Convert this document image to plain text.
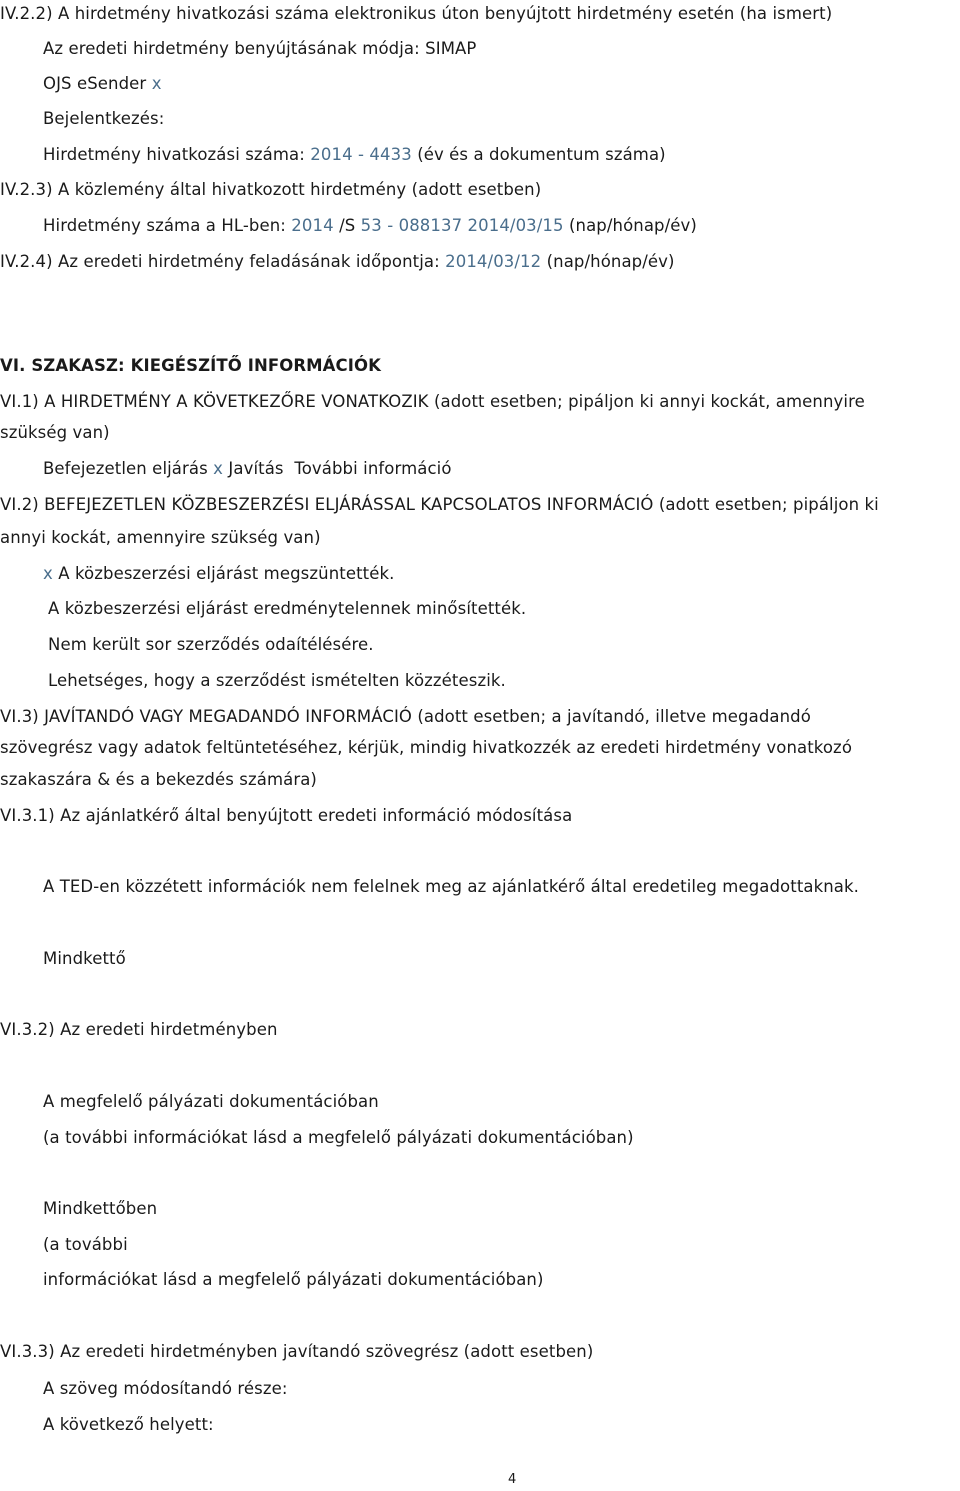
IV.2.2) A hirdetmény hivatkozási száma elektronikus úton benyújtott hirdetmény esetén (ha ismert)
Az eredeti hirdetmény benyújtásának módja: SIMAP
OJS eSender x
Bejelentkezés:
Hirdetmény hivatkozási száma: 2014 - 4433 (év és a dokumentum száma)
IV.2.3) A közlemény által hivatkozott hirdetmény (adott esetben)
Hirdetmény száma a HL-ben: 2014 /S 53 - 088137 2014/03/15 (nap/hónap/év)
IV.2.4) Az eredeti hirdetmény feladásának időpontja: 2014/03/12 (nap/hónap/év)
VI. SZAKASZ: KIEGÉSZÍTŐ INFORMÁCIÓK
VI.1) A HIRDETMÉNY A KÖVETKEZŐRE VONATKOZIK (adott esetben; pipáljon ki annyi kockát, amennyire
szükség van)
Befejezetlen eljárás x Javítás További információ
VI.2) BEFEJEZETLEN KÖZBESZERZÉSI ELJÁRÁSSAL KAPCSOLATOS INFORMÁCIÓ (adott esetben; pipáljon ki
annyi kockát, amennyire szükség van)
x A közbeszerzési eljárást megszüntették.
A közbeszerzési eljárást eredménytelennek minősítették.
Nem került sor szerződés odaítélésére.
Lehetséges, hogy a szerződést ismételten közzéteszik.
VI.3) JAVÍTANDÓ VAGY MEGADANDÓ INFORMÁCIÓ (adott esetben; a javítandó, illetve megadandó
szövegrész vagy adatok feltüntetéséhez, kérjük, mindig hivatkozzék az eredeti hirdetmény vonatkozó
szakaszára & és a bekezdés számára)
VI.3.1) Az ajánlatkérő által benyújtott eredeti információ módosítása
A TED-en közzétett információk nem felelnek meg az ajánlatkérő által eredetileg megadottaknak.
Mindkettő
VI.3.2) Az eredeti hirdetményben
A megfelelő pályázati dokumentációban
(a további információkat lásd a megfelelő pályázati dokumentációban)
Mindkettőben
(a további
információkat lásd a megfelelő pályázati dokumentációban)
VI.3.3) Az eredeti hirdetményben javítandó szövegrész (adott esetben)
A szöveg módosítandó része:
A következő helyett:
4
